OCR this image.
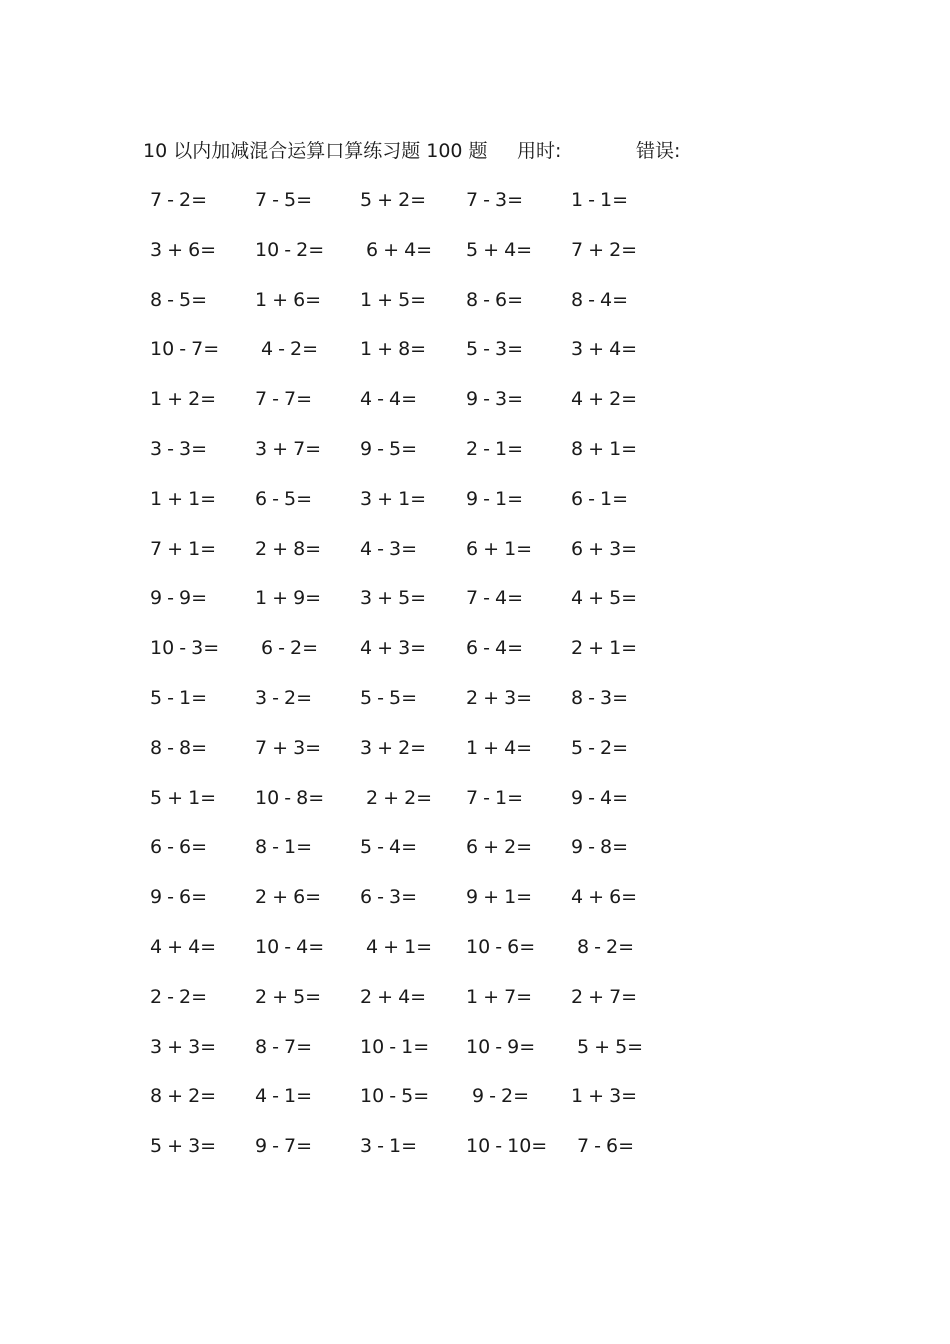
10 以内加减混合运算口算练习题 100 题 用时:	错误:
7 - 2=	7 - 5=	5 + 2= 7 - 3=	1 - 1=
3 + 6= 10 - 2= 6 + 4= 5 + 4= 7 + 2=
8 - 5=	1 + 6= 1 + 5= 8 - 6=	8 - 4=
10 - 7= 4 - 2= 1 + 8= 5 - 3=	3 + 4=
1 + 2= 7 - 7=	4 - 4=	9 - 3=	4 + 2=
3 - 3=	3 + 7= 9 - 5=	2 - 1=	8 + 1=
1 + 1= 6 - 5=	3 + 1= 9 - 1=	6 - 1=
7 + 1= 2 + 8= 4 - 3=	6 + 1= 6 + 3=
9 - 9=	1 + 9= 3 + 5= 7 - 4=	4 + 5=
10 - 3= 6 - 2= 4 + 3= 6 - 4=	2 + 1=
5 - 1=	3 - 2=	5 - 5=	2 + 3= 8 - 3=
8 - 8=	7 + 3= 3 + 2= 1 + 4= 5 - 2=
5 + 1= 10 - 8= 2 + 2= 7 - 1=	9 - 4=
6 - 6=	8 - 1=	5 - 4=	6 + 2= 9 - 8=
9 - 6=	2 + 6= 6 - 3=	9 + 1= 4 + 6=
4 + 4= 10 - 4= 4 + 1= 10 - 6= 8 - 2=
2 - 2=	2 + 5= 2 + 4= 1 + 7= 2 + 7=
3 + 3= 8 - 7=	10 - 1= 10 - 9= 5 + 5=
8 + 2= 4 - 1=	10 - 5= 9 - 2= 1 + 3=
5 + 3= 9 - 7=	3 - 1=	10 - 10= 7 - 6=
